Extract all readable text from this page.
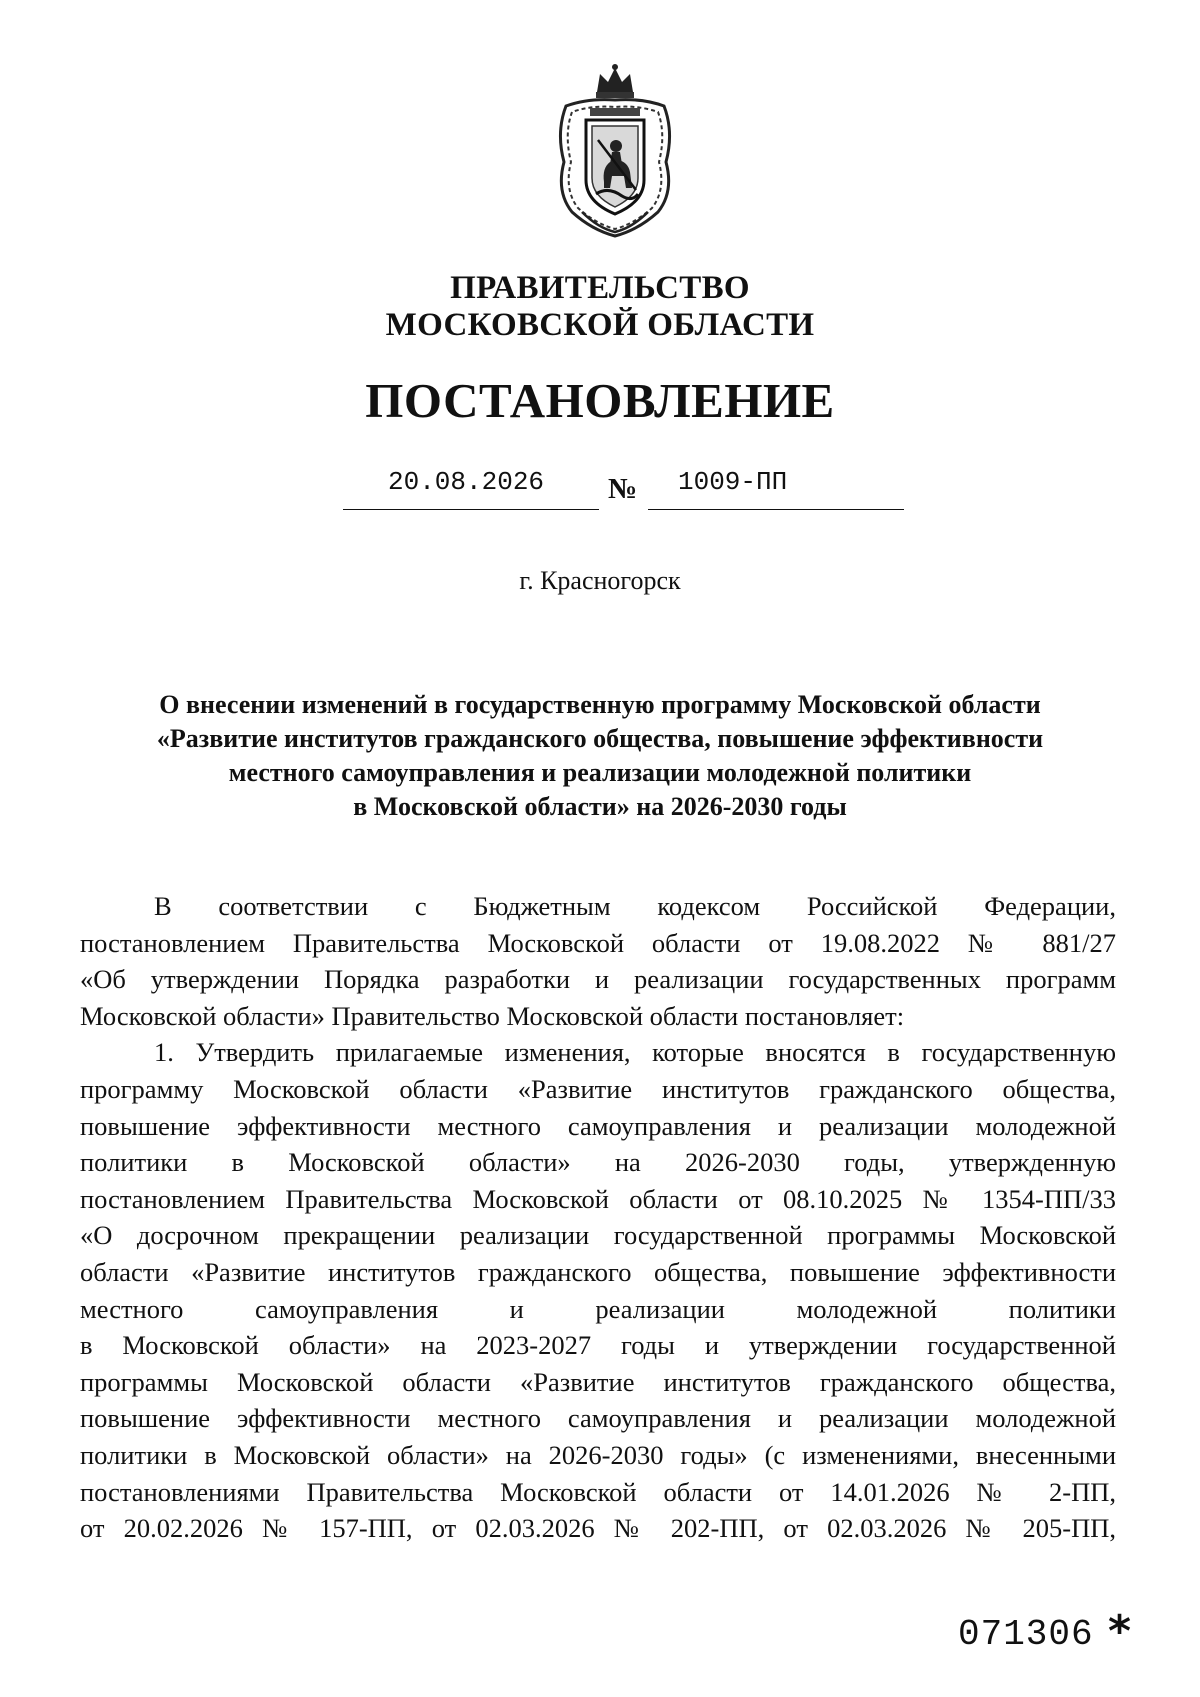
ПРАВИТЕЛЬСТВО
МОСКОВСКОЙ ОБЛАСТИ
ПОСТАНОВЛЕНИЕ
20.08.2026 № 1009-ПП
г. Красногорск
О внесении изменений в государственную программу Московской области
«Развитие институтов гражданского общества, повышение эффективности
местного самоуправления и реализации молодежной политики
в Московской области» на 2026-2030 годы
В соответствии с Бюджетным кодексом Российской Федерации,
постановлением Правительства Московской области от 19.08.2022 № 881/27
«Об утверждении Порядка разработки и реализации государственных программ
Московской области» Правительство Московской области постановляет:
1. Утвердить прилагаемые изменения, которые вносятся в государственную
программу Московской области «Развитие институтов гражданского общества,
повышение эффективности местного самоуправления и реализации молодежной
политики в Московской области» на 2026-2030 годы, утвержденную
постановлением Правительства Московской области от 08.10.2025 № 1354-ПП/33
«О досрочном прекращении реализации государственной программы Московской
области «Развитие институтов гражданского общества, повышение эффективности
местного самоуправления и реализации молодежной политики
в Московской области» на 2023-2027 годы и утверждении государственной
программы Московской области «Развитие институтов гражданского общества,
повышение эффективности местного самоуправления и реализации молодежной
политики в Московской области» на 2026-2030 годы» (с изменениями, внесенными
постановлениями Правительства Московской области от 14.01.2026 № 2-ПП,
от 20.02.2026 № 157-ПП, от 02.03.2026 № 202-ПП, от 02.03.2026 № 205-ПП,
071306 *
